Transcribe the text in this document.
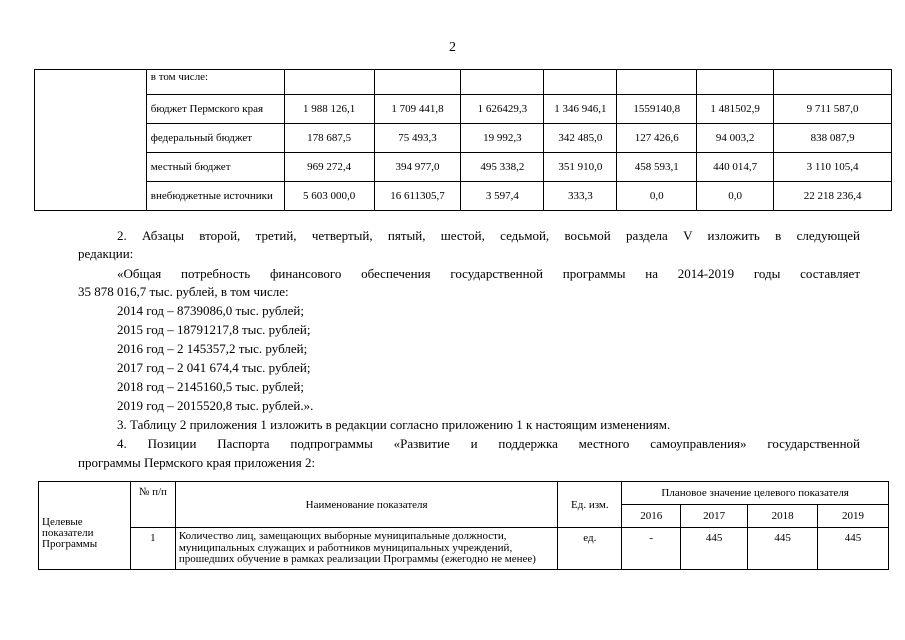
2
	в том числе:							
	бюджет Пермского края	1 988 126,1	1 709 441,8	1 626429,3	1 346 946,1	1559140,8	1 481502,9	9 711 587,0
	федеральный бюджет	178 687,5	75 493,3	19 992,3	342 485,0	127 426,6	94 003,2	838 087,9
	местный бюджет	969 272,4	394 977,0	495 338,2	351 910,0	458 593,1	440 014,7	3 110 105,4
	внебюджетные источники	5 603 000,0	16 611305,7	3 597,4	333,3	0,0	0,0	22 218 236,4
2. Абзацы второй, третий, четвертый, пятый, шестой, седьмой, восьмой раздела V изложить в следующей
редакции:
«Общая потребность финансового обеспечения государственной программы на 2014-2019 годы составляет
35 878 016,7 тыс. рублей, в том числе:
2014 год – 8739086,0 тыс. рублей;
2015 год – 18791217,8 тыс. рублей;
2016 год – 2 145357,2 тыс. рублей;
2017 год – 2 041 674,4 тыс. рублей;
2018 год – 2145160,5 тыс. рублей;
2019 год – 2015520,8 тыс. рублей.».
3. Таблицу 2 приложения 1 изложить в редакции согласно приложению 1 к настоящим изменениям.
4. Позиции Паспорта подпрограммы «Развитие и поддержка местного самоуправления» государственной
программы Пермского края приложения 2:
Целевые показатели Программы	№ п/п	Наименование показателя	Ед. изм.	Плановое значение целевого показателя			
				2016	2017	2018	2019
	1	Количество лиц, замещающих выборные муниципальные должности, муниципальных служащих и работников муниципальных учреждений, прошедших обучение в рамках реализации Программы (ежегодно не менее)	ед.	-	445	445	445
